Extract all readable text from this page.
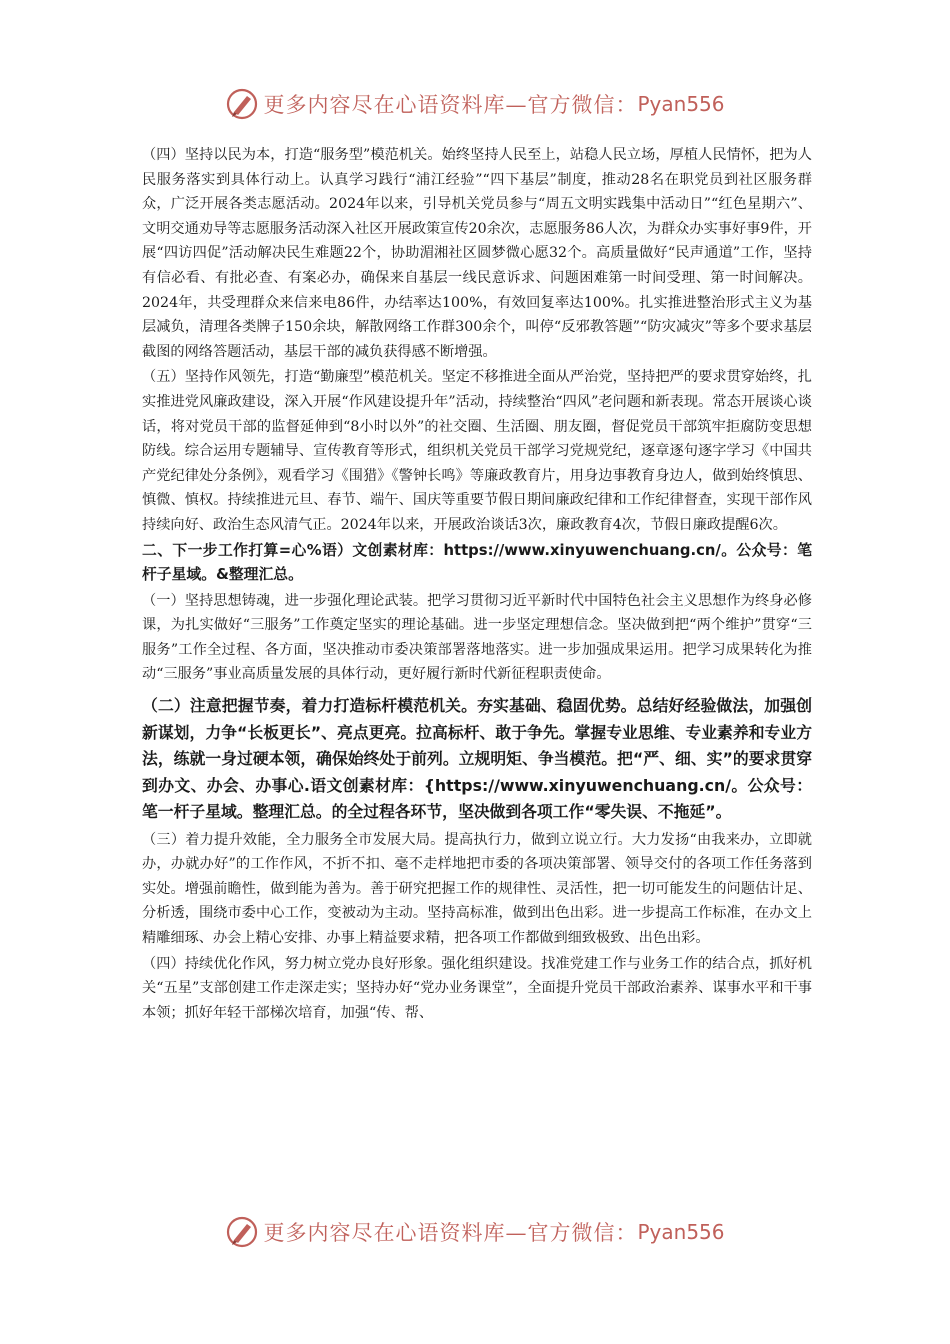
更多内容尽在心语资料库—官方微信： Pyan556

（四）坚持以民为本，打造“服务型”模范机关。始终坚持人民至上，站稳人民立场，厚植人民情怀，把为人民服务落实到具体行动上。认真学习践行“浦江经验”“四下基层”制度，推动28名在职党员到社区服务群众，广泛开展各类志愿活动。2024年以来，引导机关党员参与“周五文明实践集中活动日”“红色星期六”、文明交通劝导等志愿服务活动深入社区开展政策宣传20余次，志愿服务86人次，为群众办实事好事9件，开展“四访四促”活动解决民生难题22个，协助湄湘社区圆梦微心愿32个。高质量做好“民声通道”工作，坚持有信必看、有批必查、有案必办，确保来自基层一线民意诉求、问题困难第一时间受理、第一时间解决。2024年，共受理群众来信来电86件，办结率达100%，有效回复率达100%。扎实推进整治形式主义为基层减负，清理各类牌子150余块，解散网络工作群300余个，叫停“反邪教答题”“防灾减灾”等多个要求基层截图的网络答题活动，基层干部的减负获得感不断增强。

（五）坚持作风领先，打造“勤廉型”模范机关。坚定不移推进全面从严治党，坚持把严的要求贯穿始终，扎实推进党风廉政建设，深入开展“作风建设提升年”活动，持续整治“四风”老问题和新表现。常态开展谈心谈话，将对党员干部的监督延伸到“8小时以外”的社交圈、生活圈、朋友圈，督促党员干部筑牢拒腐防变思想防线。综合运用专题辅导、宣传教育等形式，组织机关党员干部学习党规党纪，逐章逐句逐字学习《中国共产党纪律处分条例》，观看学习《围猎》《警钟长鸣》等廉政教育片，用身边事教育身边人，做到始终慎思、慎微、慎权。持续推进元旦、春节、端午、国庆等重要节假日期间廉政纪律和工作纪律督查，实现干部作风持续向好、政治生态风清气正。2024年以来，开展政治谈话3次，廉政教育4次，节假日廉政提醒6次。

二、下一步工作打算=心%语）文创素材库：https://www.xinyuwenchuang.cn/。公众号：笔杆子星域。&整理汇总。

（一）坚持思想铸魂，进一步强化理论武装。把学习贯彻习近平新时代中国特色社会主义思想作为终身必修课，为扎实做好“三服务”工作奠定坚实的理论基础。进一步坚定理想信念。坚决做到把“两个维护”贯穿“三服务”工作全过程、各方面，坚决推动市委决策部署落地落实。进一步加强成果运用。把学习成果转化为推动“三服务”事业高质量发展的具体行动，更好履行新时代新征程职责使命。

（二）注意把握节奏，着力打造标杆模范机关。夯实基础、稳固优势。总结好经验做法，加强创新谋划，力争“长板更长”、亮点更亮。拉高标杆、敢于争先。掌握专业思维、专业素养和专业方法，练就一身过硬本领，确保始终处于前列。立规明矩、争当模范。把“严、细、实”的要求贯穿到办文、办会、办事心.语文创素材库：{https://www.xinyuwenchuang.cn/。公众号：笔一杆子星域。整理汇总。的全过程各环节，坚决做到各项工作“零失误、不拖延”。

（三）着力提升效能，全力服务全市发展大局。提高执行力，做到立说立行。大力发扬“由我来办，立即就办，办就办好”的工作作风，不折不扣、毫不走样地把市委的各项决策部署、领导交付的各项工作任务落到实处。增强前瞻性，做到能为善为。善于研究把握工作的规律性、灵活性，把一切可能发生的问题估计足、分析透，围绕市委中心工作，变被动为主动。坚持高标准，做到出色出彩。进一步提高工作标准，在办文上精雕细琢、办会上精心安排、办事上精益要求精，把各项工作都做到细致极致、出色出彩。

（四）持续优化作风，努力树立党办良好形象。强化组织建设。找准党建工作与业务工作的结合点，抓好机关“五星”支部创建工作走深走实；坚持办好“党办业务课堂”，全面提升党员干部政治素养、谋事水平和干事本领；抓好年轻干部梯次培育，加强“传、帮、

更多内容尽在心语资料库—官方微信： Pyan556
